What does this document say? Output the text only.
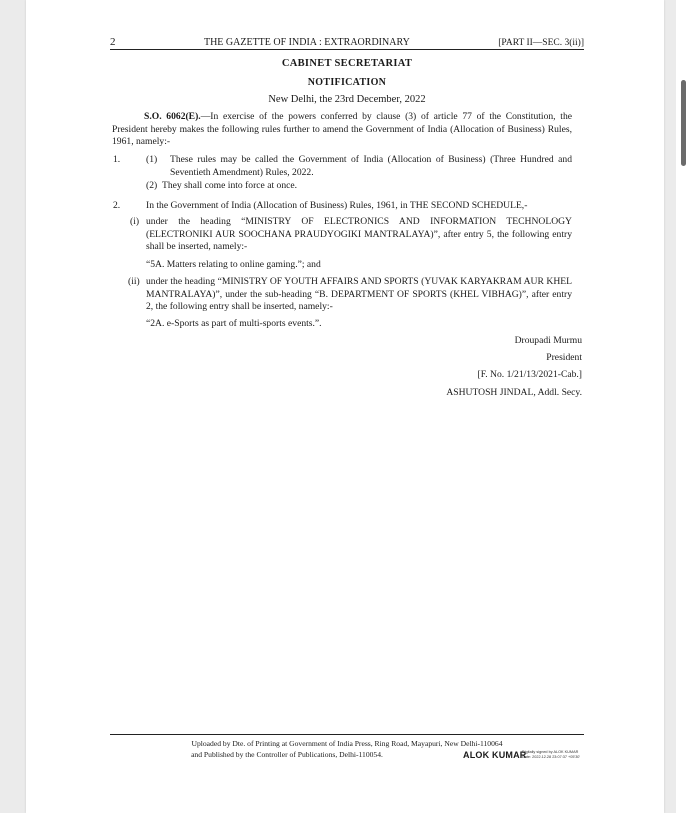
2	THE GAZETTE OF INDIA : EXTRAORDINARY	[PART II—SEC. 3(ii)]
CABINET SECRETARIAT
NOTIFICATION
New Delhi, the 23rd December, 2022
S.O. 6062(E).—In exercise of the powers conferred by clause (3) of article 77 of the Constitution, the President hereby makes the following rules further to amend the Government of India (Allocation of Business) Rules, 1961, namely:-
1.	(1) These rules may be called the Government of India (Allocation of Business) (Three Hundred and Seventieth Amendment) Rules, 2022.
(2) They shall come into force at once.
2.	In the Government of India (Allocation of Business) Rules, 1961, in THE SECOND SCHEDULE,-
(i) under the heading “MINISTRY OF ELECTRONICS AND INFORMATION TECHNOLOGY (ELECTRONIKI AUR SOOCHANA PRAUDYOGIKI MANTRALAYA)”, after entry 5, the following entry shall be inserted, namely:-
“5A. Matters relating to online gaming.”; and
(ii) under the heading “MINISTRY OF YOUTH AFFAIRS AND SPORTS (YUVAK KARYAKRAM AUR KHEL MANTRALAYA)”, under the sub-heading “B. DEPARTMENT OF SPORTS (KHEL VIBHAG)”, after entry 2, the following entry shall be inserted, namely:-
“2A. e-Sports as part of multi-sports events.”.
Droupadi Murmu
President
[F. No. 1/21/13/2021-Cab.]
ASHUTOSH JINDAL, Addl. Secy.
Uploaded by Dte. of Printing at Government of India Press, Ring Road, Mayapuri, New Delhi-110064
and Published by the Controller of Publications, Delhi-110054.	ALOK KUMAR
Digitally signed by ALOK KUMAR
Date: 2022.12.28 23:07:37 +05'30'
